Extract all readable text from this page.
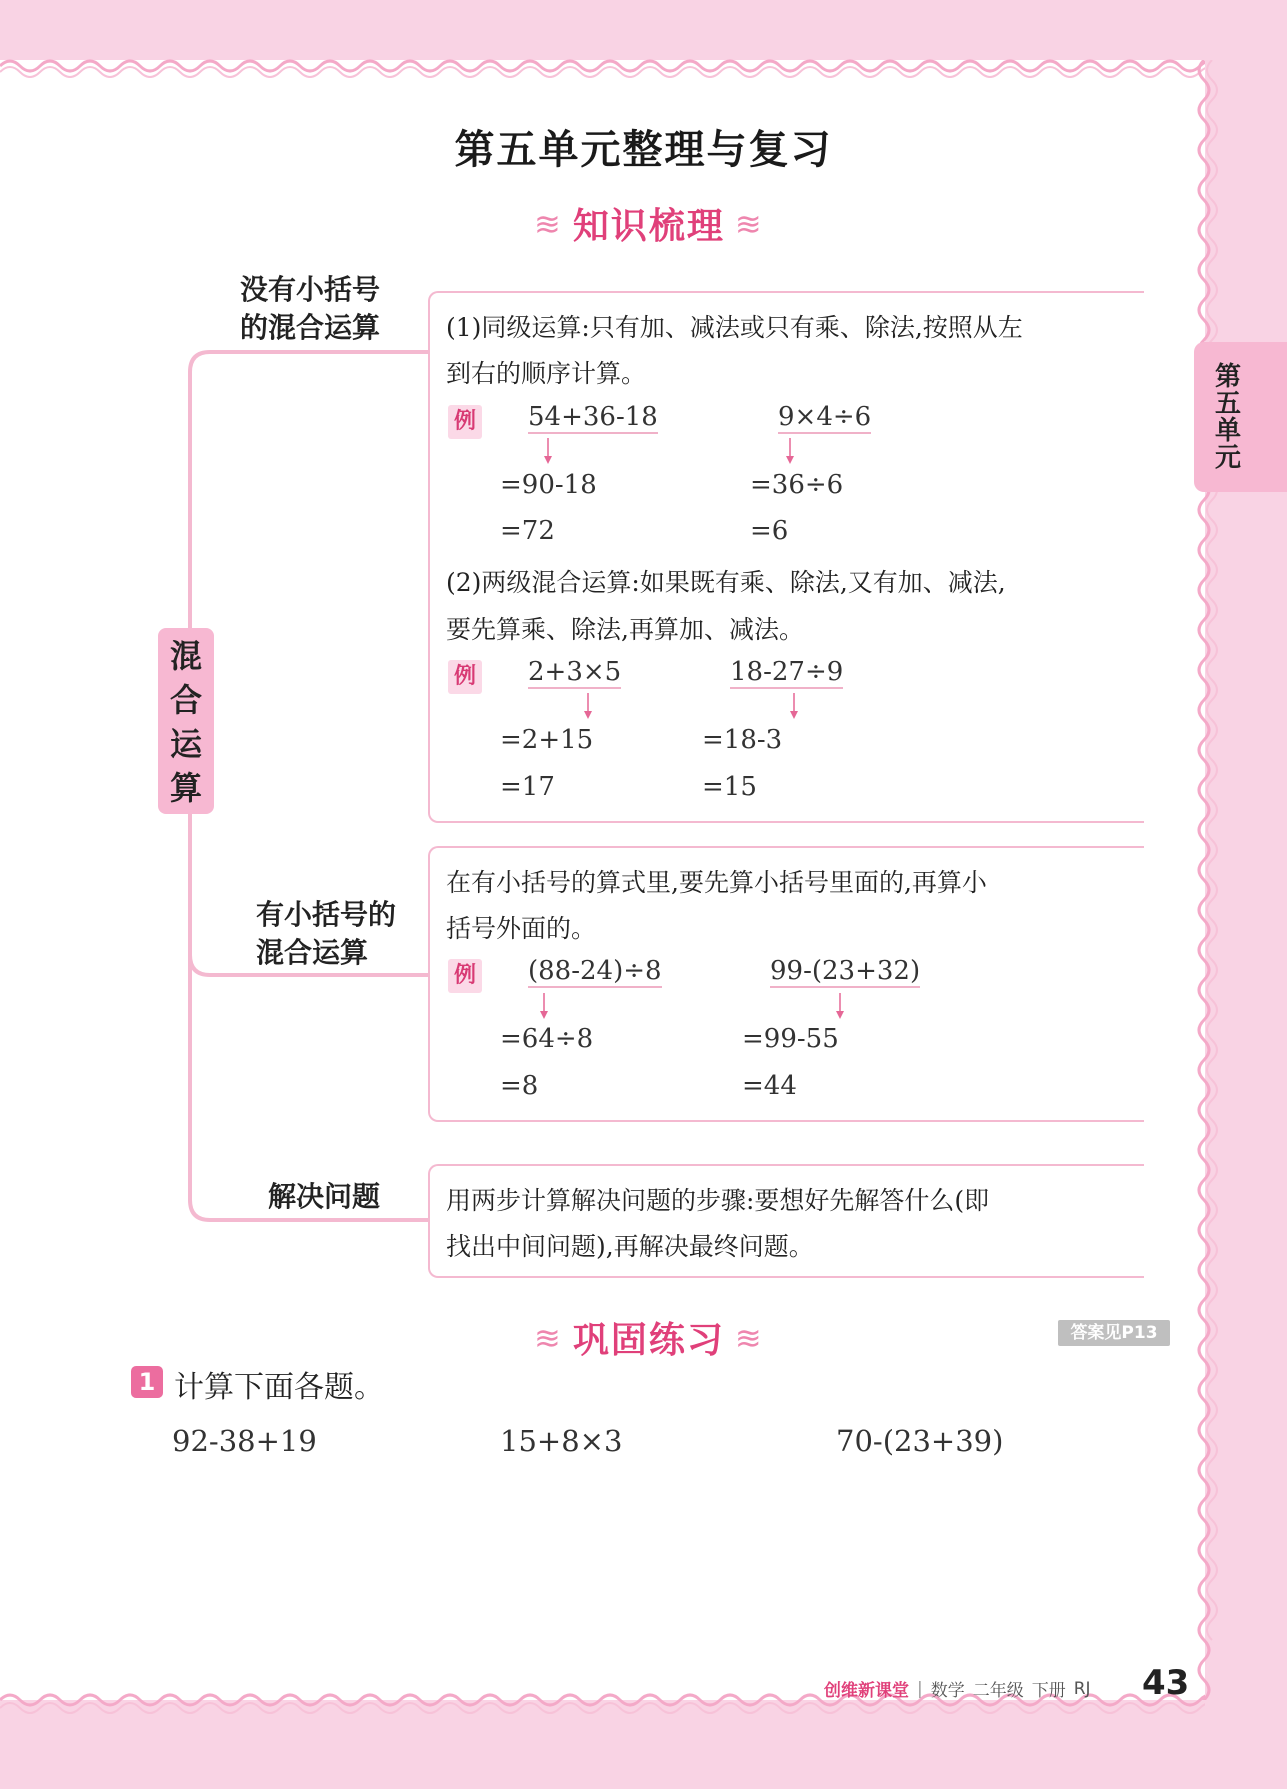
第五单元整理与复习
≋ 知识梳理 ≋
第
五
单
元
混
合
运
算
没有小括号
的混合运算
有小括号的
混合运算
解决问题
(1)同级运算:只有加、减法或只有乘、除法,按照从左
到右的顺序计算。
例 54+36-18
=90-18
=72
9×4÷6
=36÷6
=6
(2)两级混合运算:如果既有乘、除法,又有加、减法,
要先算乘、除法,再算加、减法。
例 2+3×5
=2+15
=17
18-27÷9
=18-3
=15
在有小括号的算式里,要先算小括号里面的,再算小
括号外面的。
例 (88-24)÷8
=64÷8
=8
99-(23+32)
=99-55
=44
用两步计算解决问题的步骤:要想好先解答什么(即
找出中间问题),再解决最终问题。
≋ 巩固练习 ≋	答案见P13
1 计算下面各题。
92-38+19	15+8×3	70-(23+39)
创维新课堂 | 数学 二年级 下册 RJ 43
